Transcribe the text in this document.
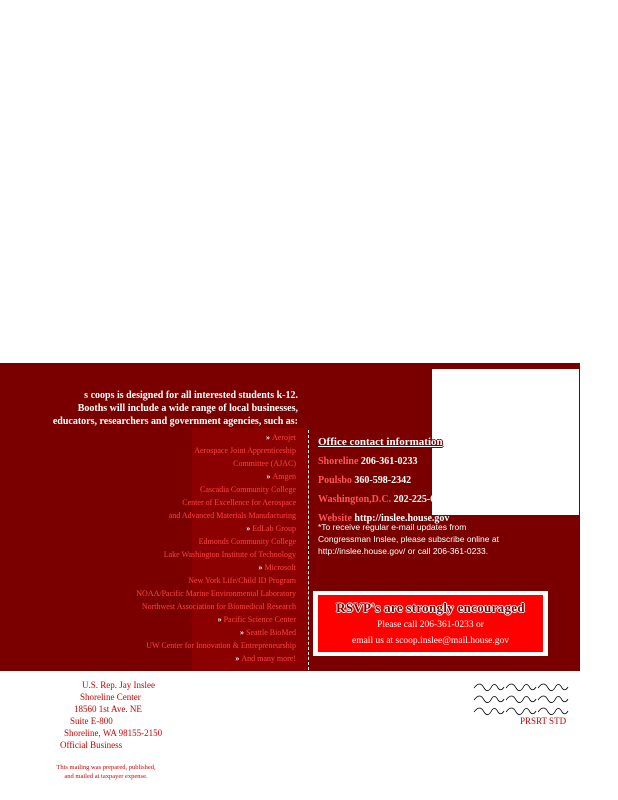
s coops is designed for all interested students k-12.
Booths will include a wide range of local businesses,
educators, researchers and government agencies, such as:
» Aerojet
Aerospace Joint Apprenticeship
Committee (AJAC)
» Amgen
Cascadia Community College
Center of Excellence for Aerospace
and Advanced Materials Manufacturing
» EdLab Group
Edmonds Community College
Lake Washington Institute of Technology
» Microsoft
New York Life/Child ID Program
NOAA/Pacific Marine Environmental Laboratory
Northwest Association for Biomedical Research
» Pacific Science Center
» Seattle BioMed
UW Center for Innovation & Entrepreneurship
» And many more!
Office contact information
Shoreline 206-361-0233
Poulsbo 360-598-2342
Washington,D.C. 202-225-6311
Website http://inslee.house.gov
*To receive regular e-mail updates from
Congressman Inslee, please subscribe online at
http://inslee.house.gov/ or call 206-361-0233.
RSVP's are strongly encouraged
Please call 206-361-0233 or
email us at scoop.inslee@mail.house.gov
U.S. Rep. Jay Inslee
Shoreline Center
18560 1st Ave. NE
Suite E-800
Shoreline, WA 98155-2150
Official Business
This mailing was prepared, published,
and mailed at taxpayer expense.
PRSRT STD
